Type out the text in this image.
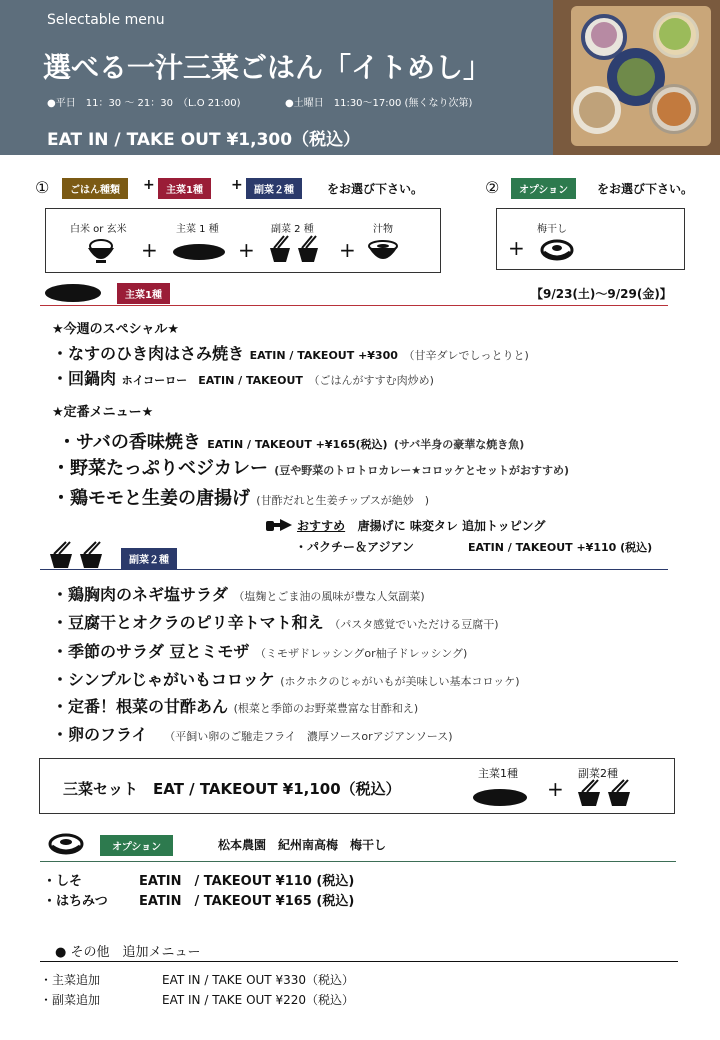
Selectable menu
選べる一汁三菜ごはん「イトめし」
●平日　11：30 ～ 21：30　（L.O 21:00)	●土曜日　11:30～17:00 (無くなり次第)
EAT IN / TAKE OUT ¥1,300（税込）
①	ごはん種類	+	主菜1種	+	副菜２種	をお選び下さい。
白米 or 玄米	主菜 1 種	副菜 2 種	汁物
+	+	+
②	オプション	をお選び下さい。
梅干し
+
主菜1種	【9/23(土)～9/29(金)】
★今週のスペシャル★
・なすのひき肉はさみ焼き EATIN / TAKEOUT +¥300 （甘辛ダレでしっとりと)
・回鍋肉 ホイコーロー EATIN / TAKEOUT （ごはんがすすむ肉炒め)
★定番メニュー★
・サバの香味焼き EATIN / TAKEOUT +¥165(税込) (サバ半身の豪華な焼き魚)
・野菜たっぷりベジカレー (豆や野菜のトロトロカレー★コロッケとセットがおすすめ)
・鶏モモと生姜の唐揚げ (甘酢だれと生姜チップスが絶妙　)
おすすめ 唐揚げに 味変タレ 追加トッピング
・パクチー＆アジアン	EATIN / TAKEOUT +¥110 (税込)
副菜２種
・鶏胸肉のネギ塩サラダ （塩麹とごま油の風味が豊な人気副菜)
・豆腐干とオクラのピリ辛トマト和え （パスタ感覚でいただける豆腐干)
・季節のサラダ 豆とミモザ （ミモザドレッシングor柚子ドレッシング)
・シンプルじゃがいもコロッケ (ホクホクのじゃがいもが美味しい基本コロッケ)
・定番！根菜の甘酢あん (根菜と季節のお野菜豊富な甘酢和え)
・卵のフライ （平飼い卵のご馳走フライ　濃厚ソースorアジアンソース)
三菜セット　EAT / TAKEOUT ¥1,100（税込）
主菜1種	副菜2種
+
オプション	松本農園　紀州南高梅　梅干し
・しそ	EATIN　/ TAKEOUT ¥110 (税込)
・はちみつ EATIN　/ TAKEOUT ¥165 (税込)
● その他　追加メニュー
・主菜追加	EAT IN / TAKE OUT ¥330（税込）
・副菜追加	EAT IN / TAKE OUT ¥220（税込）
